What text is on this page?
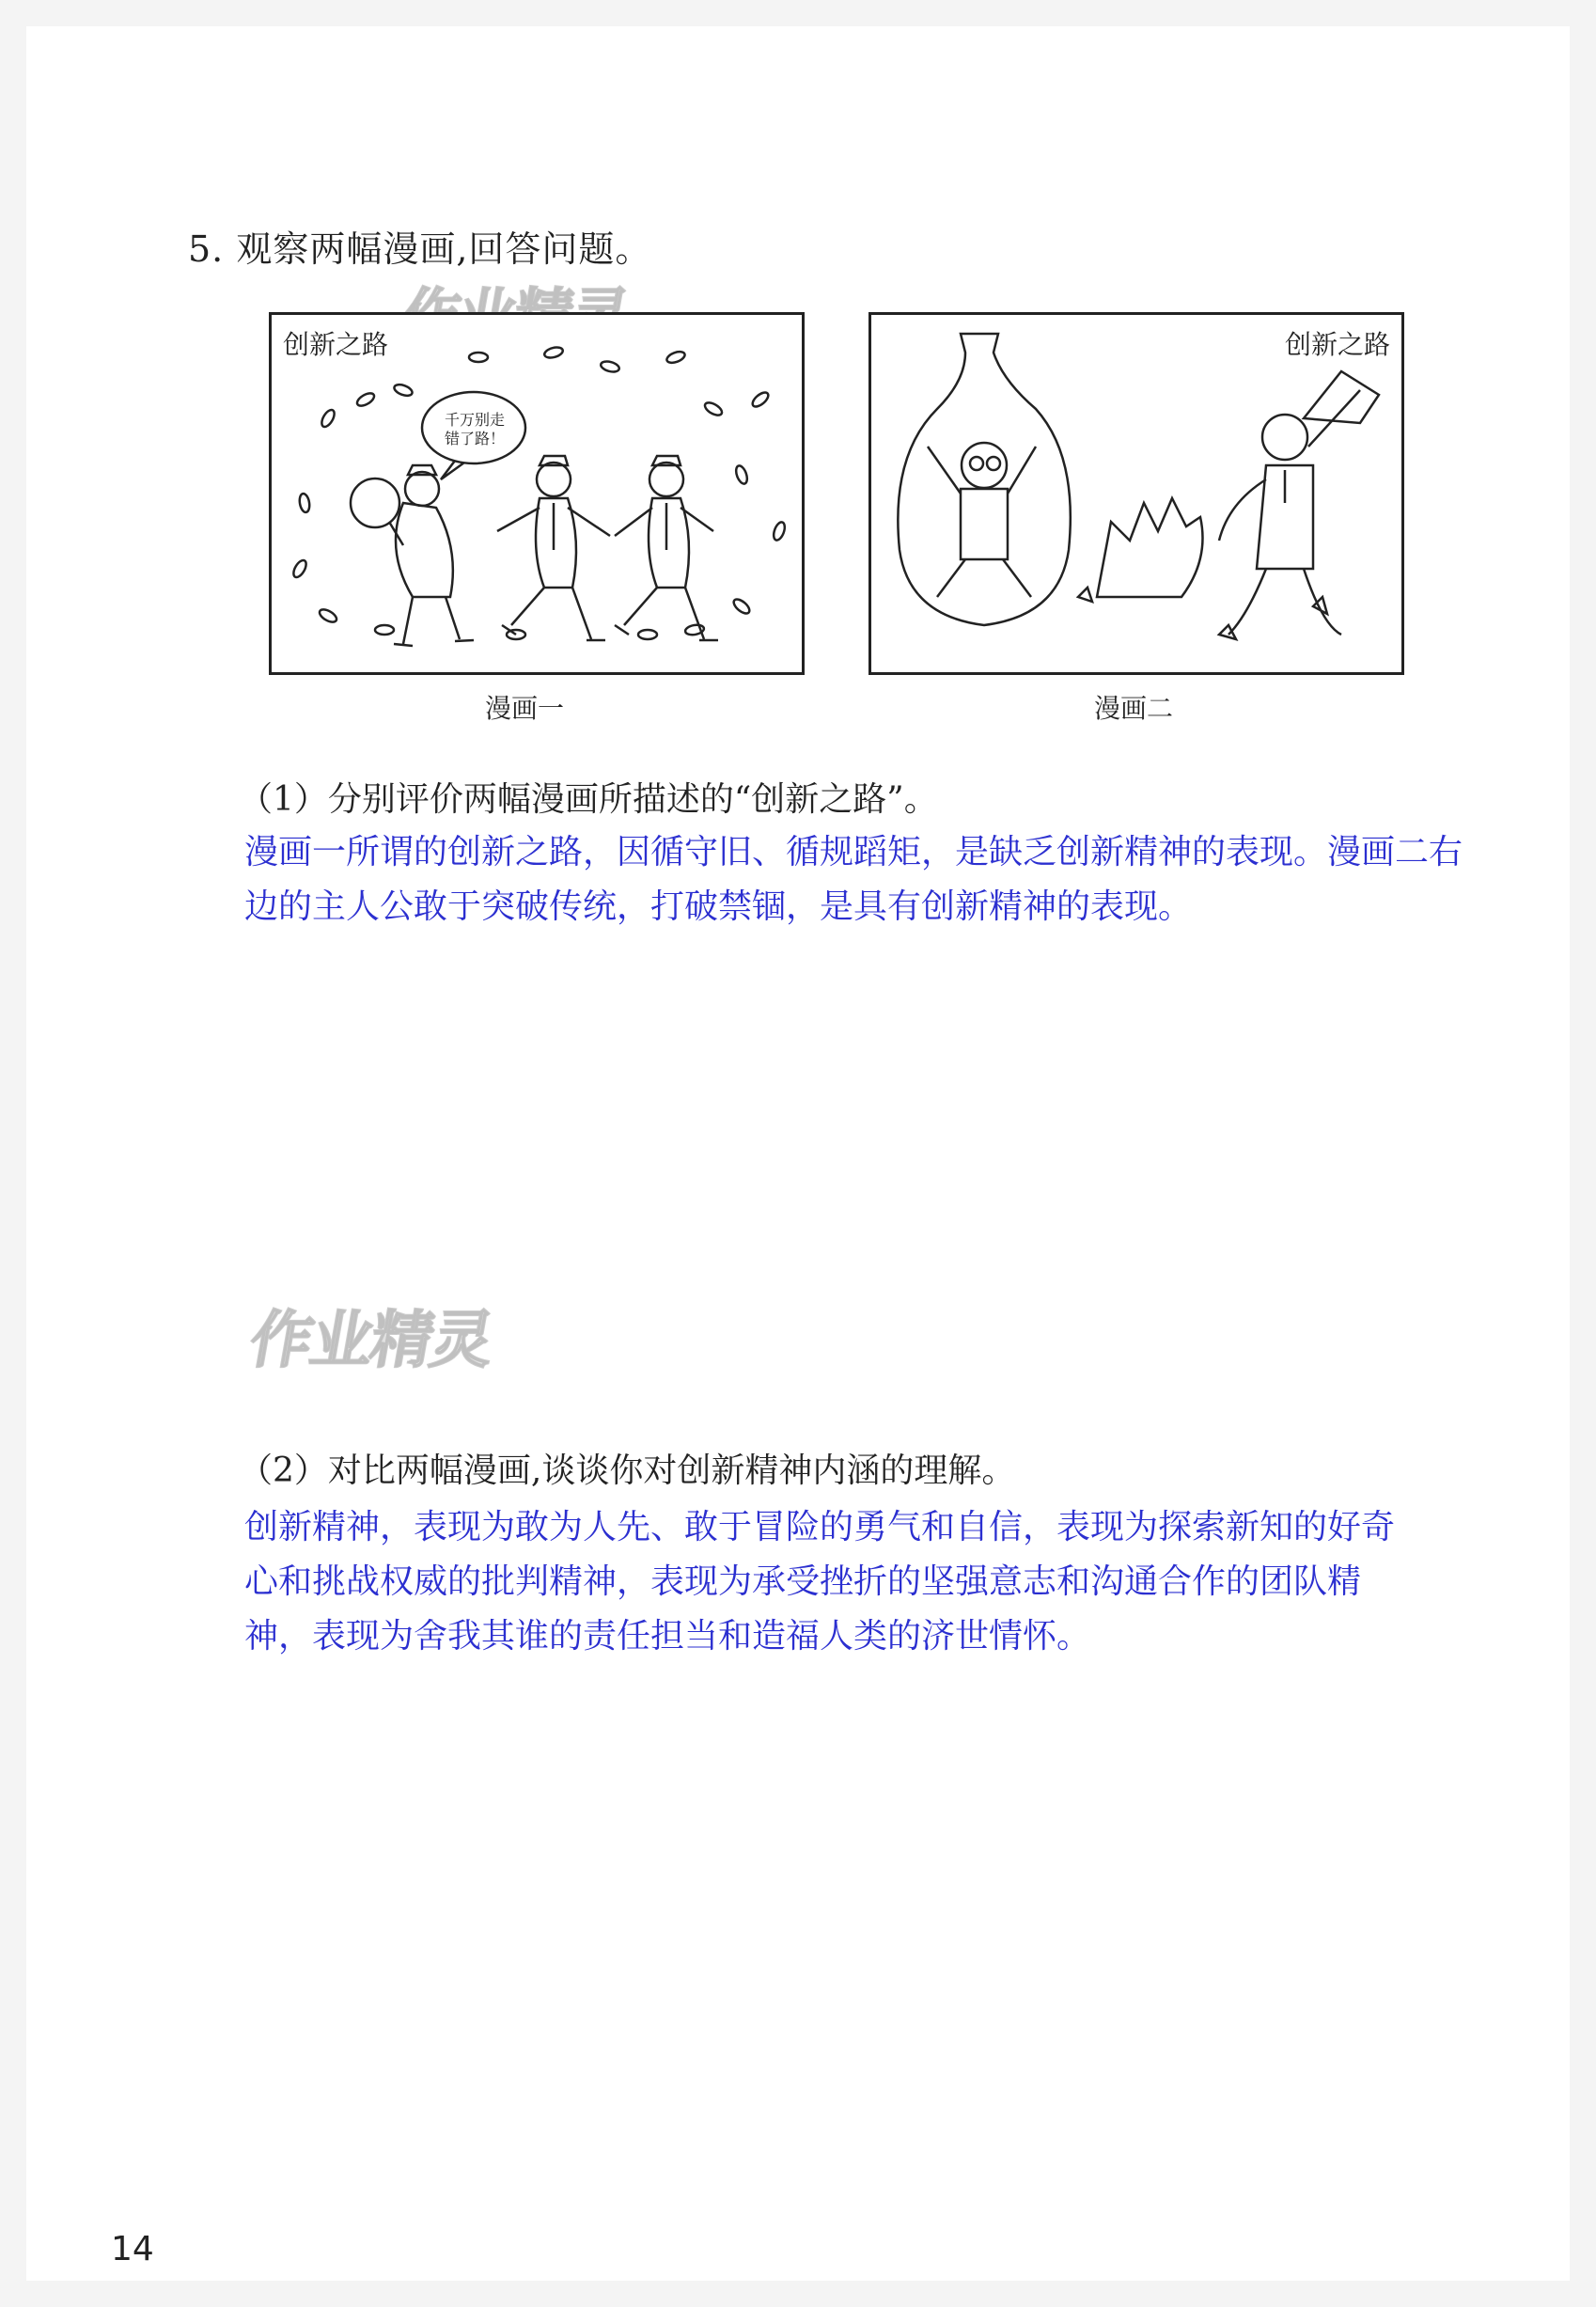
5. 观察两幅漫画,回答问题。
创新之路
千万别走错了路！
创新之路
漫画一	漫画二
（1）分别评价两幅漫画所描述的“创新之路”。
漫画一所谓的创新之路，因循守旧、循规蹈矩，是缺乏创新精神的表现。漫画二右边的主人公敢于突破传统，打破禁锢，是具有创新精神的表现。
作业精灵
（2）对比两幅漫画,谈谈你对创新精神内涵的理解。
创新精神，表现为敢为人先、敢于冒险的勇气和自信，表现为探索新知的好奇心和挑战权威的批判精神，表现为承受挫折的坚强意志和沟通合作的团队精神，表现为舍我其谁的责任担当和造福人类的济世情怀。
14
